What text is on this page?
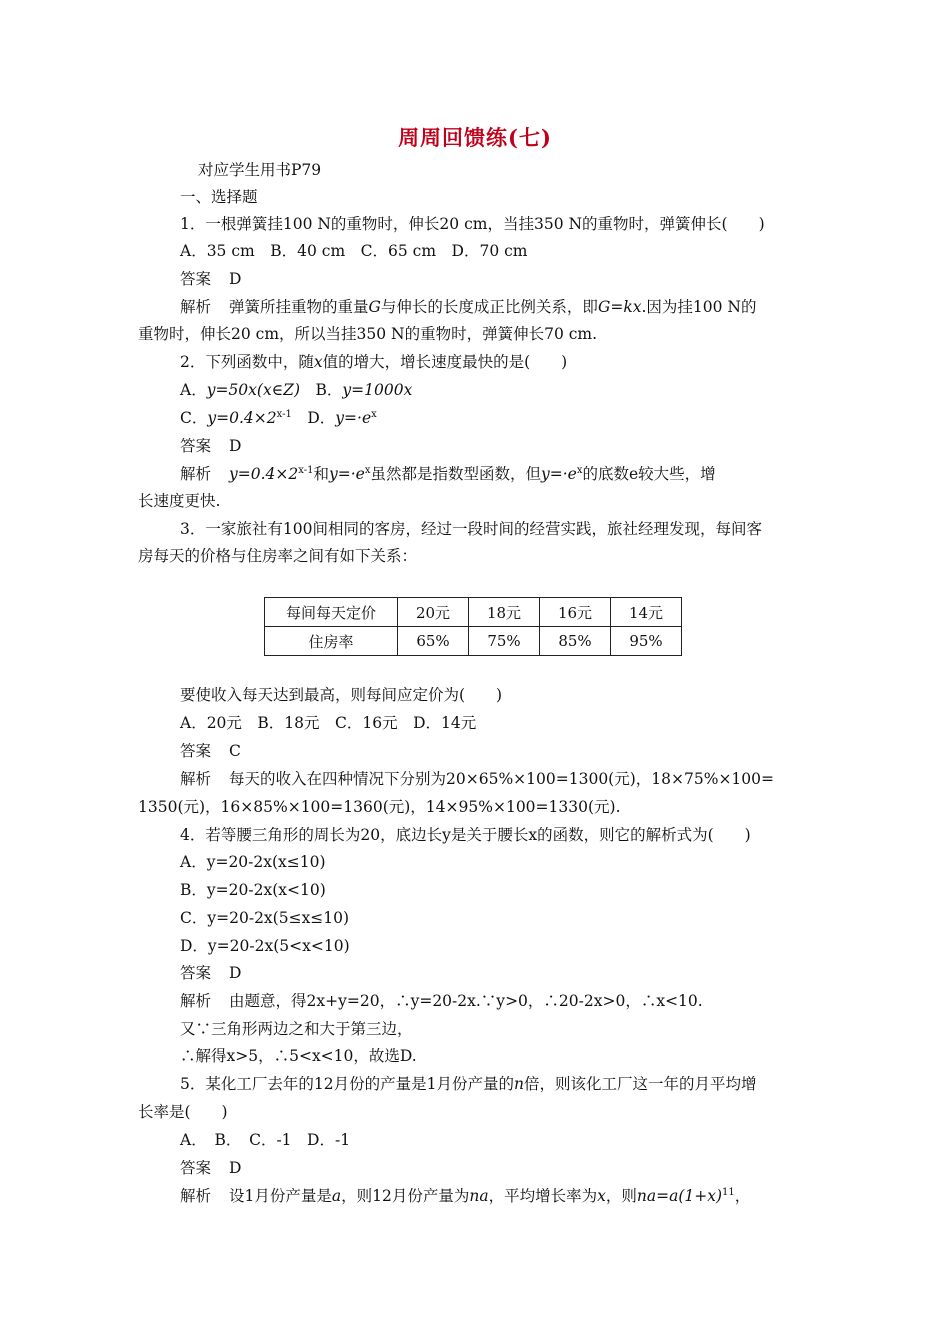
周周回馈练(七)
对应学生用书P79
一、选择题
1．一根弹簧挂100 N的重物时，伸长20 cm，当挂350 N的重物时，弹簧伸长(　　)
A．35 cm　B．40 cm　C．65 cm　D．70 cm
答案 D
解析 弹簧所挂重物的重量G与伸长的长度成正比例关系，即G=kx.因为挂100 N的
重物时，伸长20 cm，所以当挂350 N的重物时，弹簧伸长70 cm.
2．下列函数中，随x值的增大，增长速度最快的是(　　)
A．y=50x(x∈Z)　 B．y=1000x
C．$y=0.4\times 2^{x-1}$　 D．$y=\cdot e^x$
答案 D
解析 $y=0.4\times 2^{x-1}$和$y=\cdot e^x$虽然都是指数型函数，但$y=\cdot e^x$的底数e较大些，增
长速度更快.
3．一家旅社有100间相同的客房，经过一段时间的经营实践，旅社经理发现，每间客
房每天的价格与住房率之间有如下关系：
每间每天定价	20元	18元	16元	14元
住房率	65%	75%	85%	95%
要使收入每天达到最高，则每间应定价为(　　)
A．20元　B．18元　C．16元　D．14元
答案 C
解析 每天的收入在四种情况下分别为20×65%×100=1300(元)，18×75%×100=
1350(元)，16×85%×100=1360(元)，14×95%×100=1330(元).
4．若等腰三角形的周长为20，底边长y是关于腰长x的函数，则它的解析式为(　　)
A．y=20-2x(x≤10)
B．y=20-2x(x<10)
C．y=20-2x(5≤x≤10)
D．y=20-2x(5<x<10)
答案 D
解析 由题意，得2x+y=20，∴y=20-2x.∵y>0，∴20-2x>0，∴x<10.
又∵三角形两边之和大于第三边，
∴解得x>5，∴5<x<10，故选D.
5．某化工厂去年的12月份的产量是1月份产量的n倍，则该化工厂这一年的月平均增
长率是(　　)
A．　B．　C．-1　D．-1
答案 D
解析 设1月份产量是a，则12月份产量为na，平均增长率为x，则$na=a(1+x)^{11}$，
